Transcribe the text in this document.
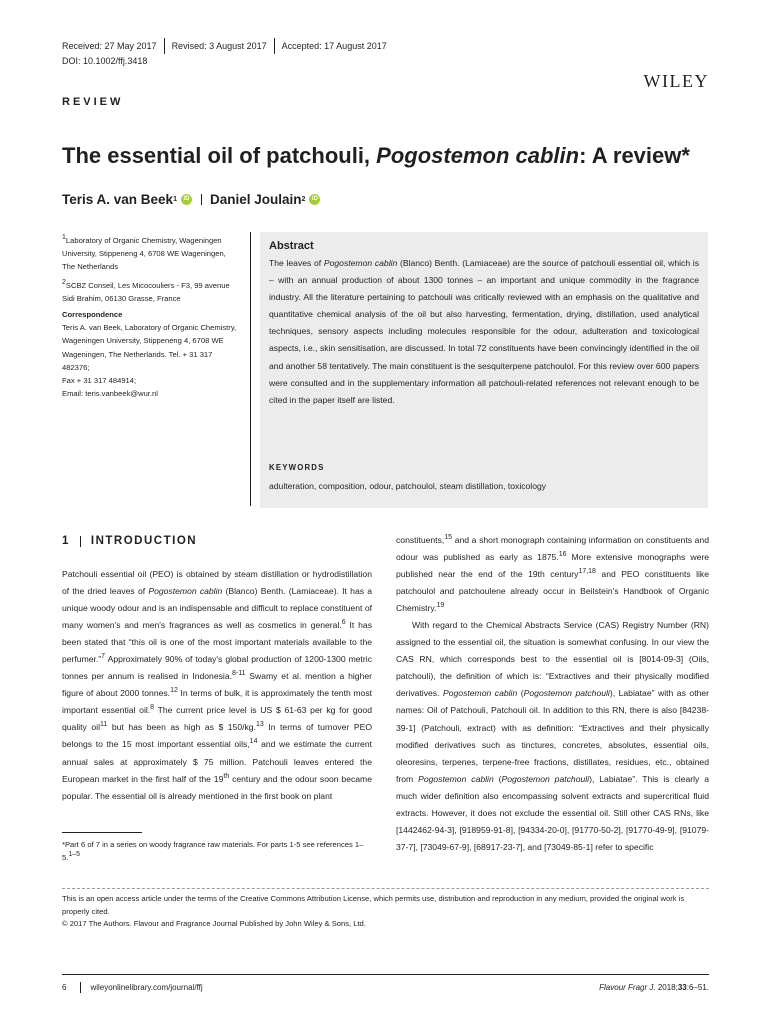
Received: 27 May 2017 Revised: 3 August 2017 Accepted: 17 August 2017
DOI: 10.1002/ffj.3418
WILEY
REVIEW
The essential oil of patchouli, Pogostemon cablin: A review*
Teris A. van Beek 1	iD Daniel Joulain 2	iD
$^1$Laboratory of Organic Chemistry, Wageningen University, Stippeneng 4, 6708 WE Wageningen, The Netherlands
$^2$SCBZ Conseil, Les Micocouliers - F3, 99 avenue Sidi Brahim, 06130 Grasse, France
Correspondence
Teris A. van Beek, Laboratory of Organic Chemistry, Wageningen University, Stippeneng 4, 6708 WE Wageningen, The Netherlands. Tel. + 31 317 482376;
Fax + 31 317 484914;
Email: teris.vanbeek@wur.nl
Abstract
The leaves of Pogostemon cablin (Blanco) Benth. (Lamiaceae) are the source of patchouli essential oil, which is – with an annual production of about 1300 tonnes – an important and unique commodity in the fragrance industry. All the literature pertaining to patchouli was critically reviewed with an emphasis on the qualitative and quantitative chemical analysis of the oil but also harvesting, fermentation, drying, distillation, used analytical techniques, sensory aspects including molecules responsible for the odour, adulteration and toxicological aspects, i.e., skin sensitisation, are discussed. In total 72 constituents have been convincingly identified in the oil and another 58 tentatively. The main constituent is the sesquiterpene patchoulol. For this review over 600 papers were consulted and in the supplementary information all patchouli-related references not relevant enough to be cited in the paper itself are listed.
KEYWORDS
adulteration, composition, odour, patchoulol, steam distillation, toxicology
1 INTRODUCTION

Patchouli essential oil (PEO) is obtained by steam distillation or hydrodistillation of the dried leaves of Pogostemon cablin (Blanco) Benth. (Lamiaceae). It has a unique woody odour and is an indispensable and difficult to replace constituent of many women's and men's fragrances as well as cosmetics in general.$^6$ It has been stated that “this oil is one of the most important materials available to the perfumer.”$^7$ Approximately 90% of today's global production of 1200-1300 metric tonnes per annum is realised in Indonesia.$^{8-11}$ Swamy et al. mention a higher figure of about 2000 tonnes.$^{12}$ In terms of bulk, it is approximately the tenth most important essential oil.$^8$ The current price level is US $ 61-63 per kg for good quality oil$^{11}$ but has been as high as $ 150/kg.$^{13}$ In terms of turnover PEO belongs to the 15 most important essential oils,$^{14}$ and we estimate the current annual sales at approximately $ 75 million. Patchouli leaves entered the European market in the first half of the 19th century and the odour soon became popular. The essential oil is already mentioned in the first book on plant

constituents,$^{15}$ and a short monograph containing information on constituents and odour was published as early as 1875.16 More extensive monographs were published near the end of the 19th century$^{17,18}$ and PEO constituents like patchoulol and patchoulene already occur in Beilstein's Handbook of Organic Chemistry.$^{19}$

With regard to the Chemical Abstracts Service (CAS) Registry Number (RN) assigned to the essential oil, the situation is somewhat confusing. In our view the CAS RN, which corresponds best to the essential oil is [8014-09-3] (Oils, patchouli), the definition of which is: “Extractives and their physically modified derivatives. Pogostemon cablin (Pogostemon patchouli), Labiatae” with as other names: Oil of Patchouli, Patchouli oil. In addition to this RN, there is also [84238-39-1] (Patchouli, extract) with as definition: “Extractives and their physically modified derivatives such as tinctures, concretes, absolutes, essential oils, oleoresins, terpenes, terpene-free fractions, distillates, residues, etc., obtained from Pogostemon cablin (Pogostemon patchouli), Labiatae”. This is clearly a much wider definition also encompassing solvent extracts and supercritical fluid extracts. However, it does not exclude the essential oil. Still other CAS RNs, like [1442462-94-3], [918959-91-8], [94334-20-0], [91770-50-2], [91770-49-9], [91079-37-7], [73049-67-9], [68917-23-7], and [73049-85-1] refer to specific

*Part 6 of 7 in a series on woody fragrance raw materials. For parts 1-5 see references 1–5.$^{1-5}$
This is an open access article under the terms of the Creative Commons Attribution License, which permits use, distribution and reproduction in any medium, provided the original work is properly cited.
© 2017 The Authors. Flavour and Fragrance Journal Published by John Wiley & Sons, Ltd.
6	wileyonlinelibrary.com/journal/ffj	Flavour Fragr J. 2018;33:6–51.
